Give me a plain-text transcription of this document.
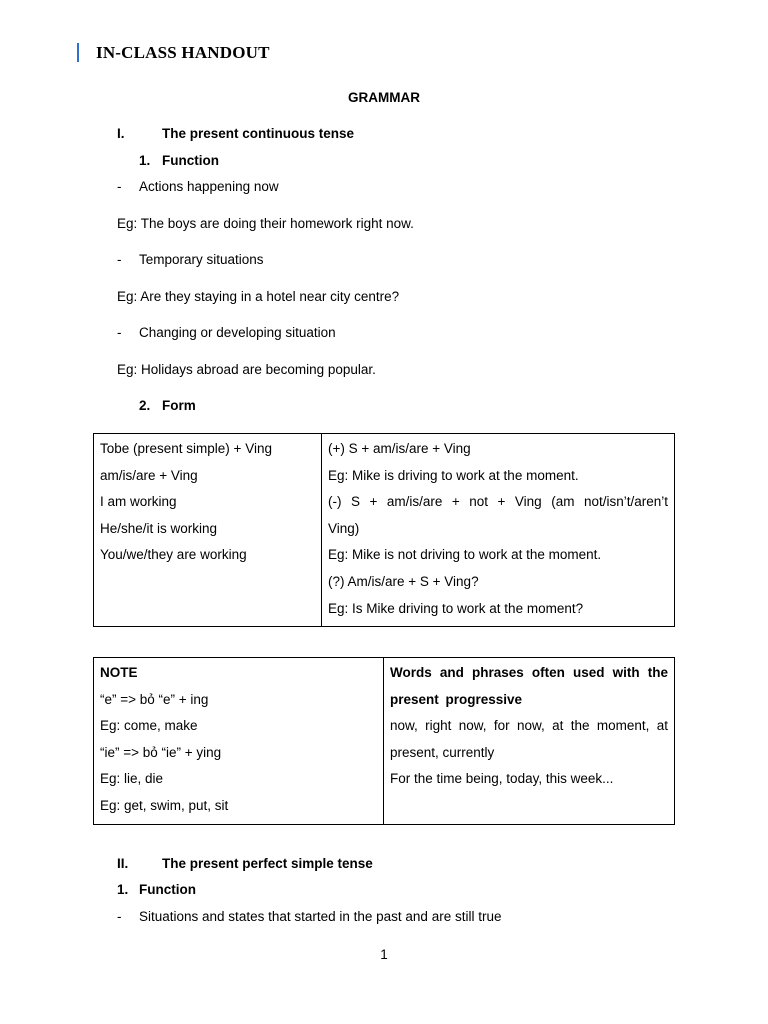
IN-CLASS HANDOUT
GRAMMAR
I.	The present continuous tense
1. Function
- Actions happening now
Eg: The boys are doing their homework right now.
- Temporary situations
Eg: Are they staying in a hotel near city centre?
- Changing or developing situation
Eg: Holidays abroad are becoming popular.
2. Form
Tobe (present simple) + Ving
am/is/are + Ving
I am working
He/she/it is working
You/we/they are working

(+) S + am/is/are + Ving
Eg: Mike is driving to work at the moment.
(-) S + am/is/are + not + Ving (am not/isn’t/aren’t Ving)
Eg: Mike is not driving to work at the moment.
(?) Am/is/are + S + Ving?
Eg: Is Mike driving to work at the moment?
NOTE
“e” => bỏ “e” + ing
Eg: come, make
“ie” => bỏ “ie” + ying
Eg: lie, die
Eg: get, swim, put, sit

Words and phrases often used with the present progressive
now, right now, for now, at the moment, at present, currently
For the time being, today, this week...
II. The present perfect simple tense
1. Function
- Situations and states that started in the past and are still true
1
